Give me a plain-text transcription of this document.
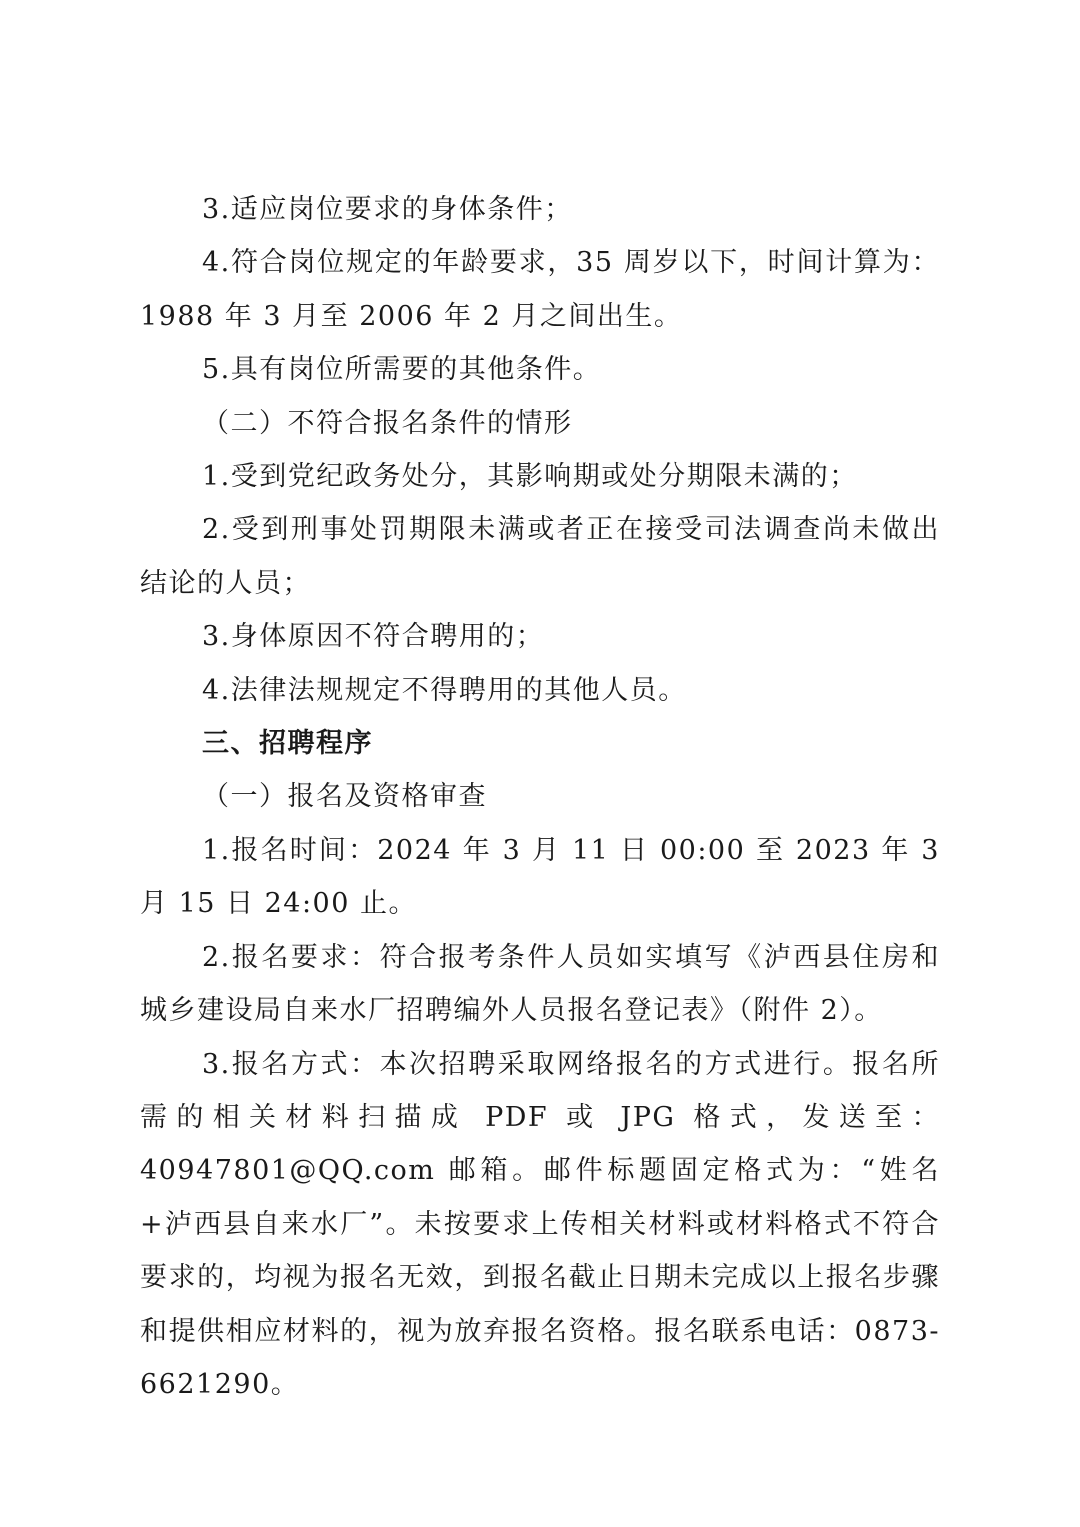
3.适应岗位要求的身体条件；

4.符合岗位规定的年龄要求，35 周岁以下，时间计算为：1988 年 3 月至 2006 年 2 月之间出生。

5.具有岗位所需要的其他条件。

（二）不符合报名条件的情形

1.受到党纪政务处分，其影响期或处分期限未满的；

2.受到刑事处罚期限未满或者正在接受司法调查尚未做出结论的人员；

3.身体原因不符合聘用的；

4.法律法规规定不得聘用的其他人员。

三、招聘程序

（一）报名及资格审查

1.报名时间：2024 年 3 月 11 日 00:00 至 2023 年 3 月 15 日 24:00 止。

2.报名要求：符合报考条件人员如实填写《泸西县住房和城乡建设局自来水厂招聘编外人员报名登记表》（附件 2）。

3.报名方式：本次招聘采取网络报名的方式进行。报名所需的相关材料扫描成 PDF 或 JPG 格式，发送至：40947801@QQ.com 邮箱。邮件标题固定格式为：“姓名+泸西县自来水厂”。未按要求上传相关材料或材料格式不符合要求的，均视为报名无效，到报名截止日期未完成以上报名步骤和提供相应材料的，视为放弃报名资格。报名联系电话：0873-6621290。
